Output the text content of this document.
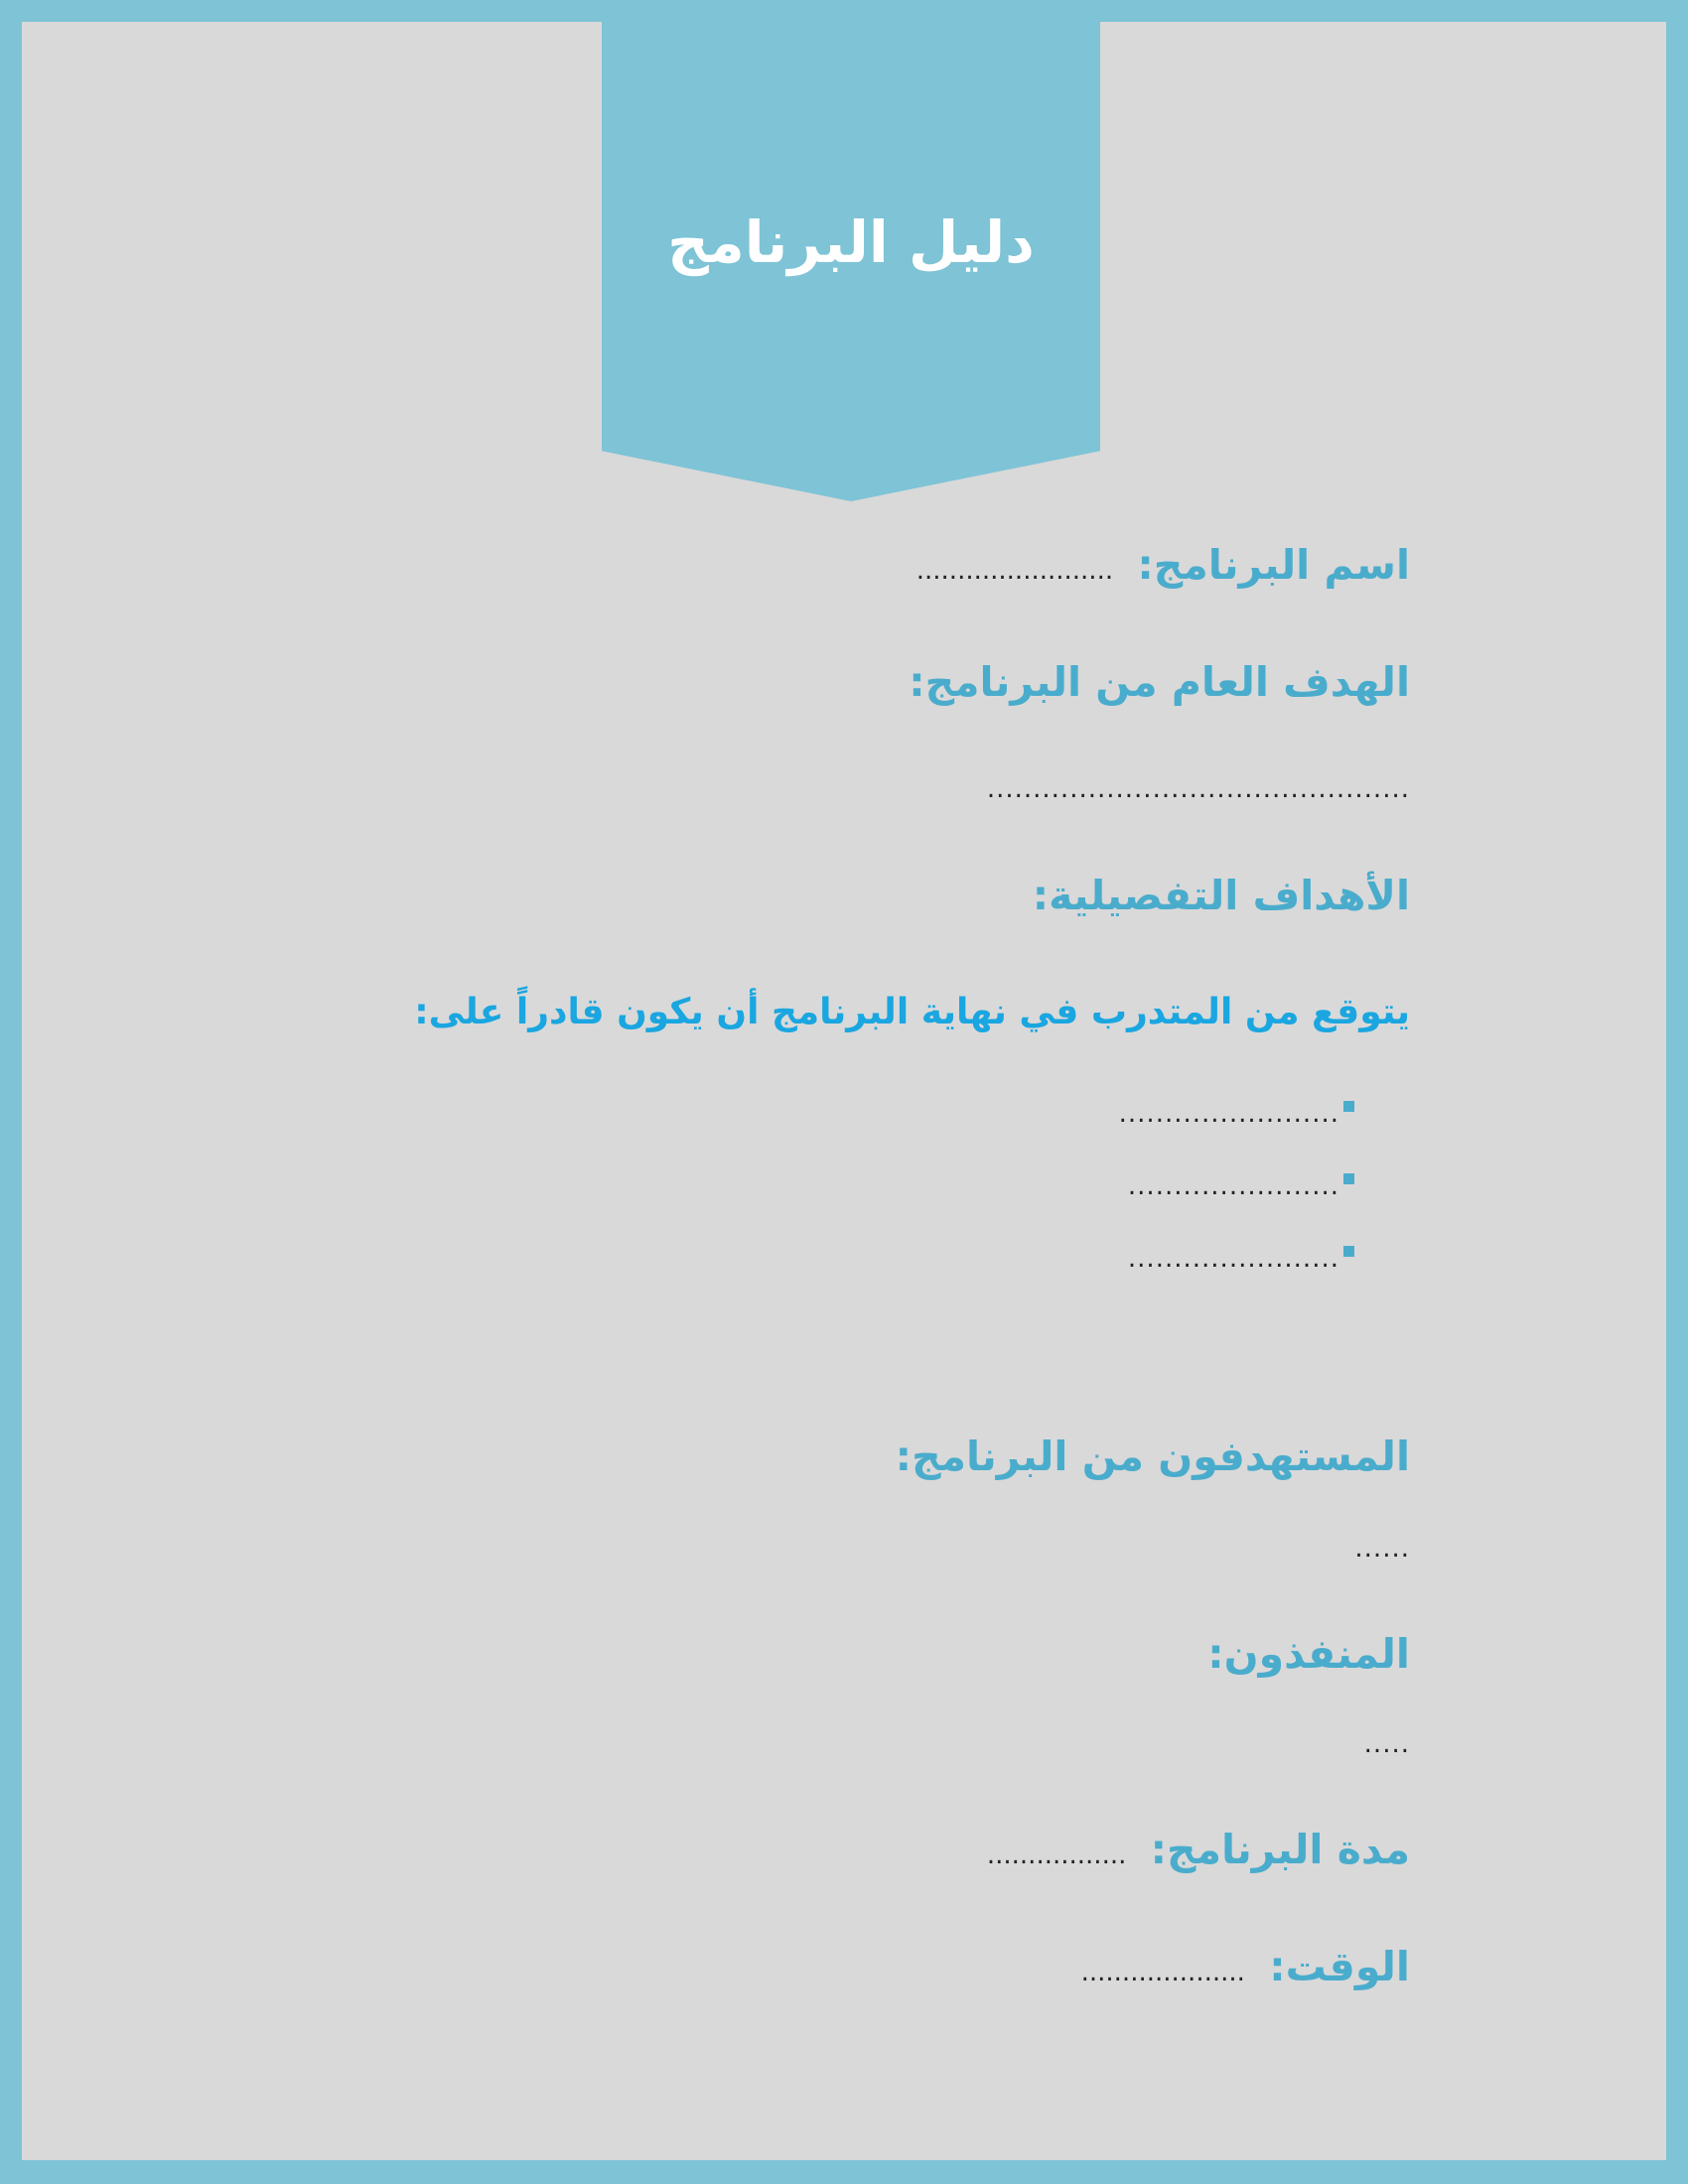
دليل البرنامج
اسم البرنامج: ........................
الهدف العام من البرنامج:
..............................................
الأهداف التفصيلية:
يتوقع من المتدرب في نهاية البرنامج أن يكون قادراً على:
........................
.......................
.......................
المستهدفون من البرنامج:
......
المنفذون:
.....
مدة البرنامج: .................
الوقت: ....................
